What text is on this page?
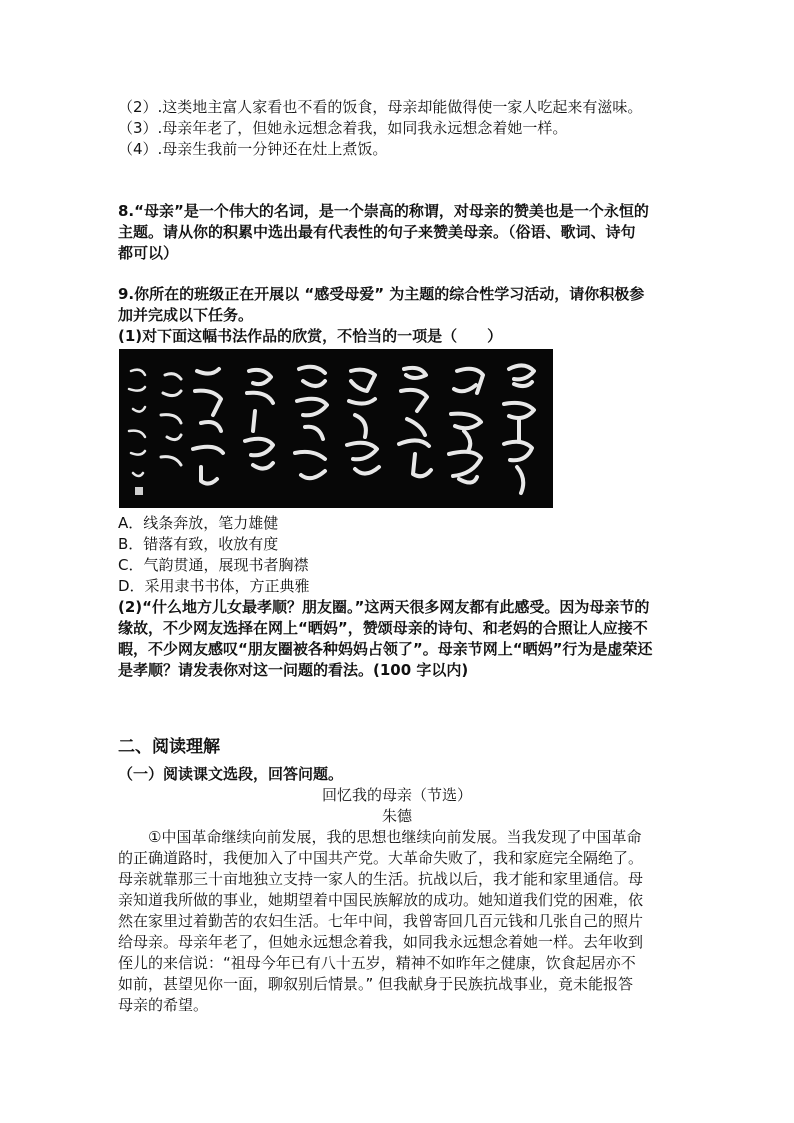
（2）.这类地主富人家看也不看的饭食，母亲却能做得使一家人吃起来有滋味。
（3）.母亲年老了，但她永远想念着我，如同我永远想念着她一样。
（4）.母亲生我前一分钟还在灶上煮饭。
8.“母亲”是一个伟大的名词，是一个崇高的称谓，对母亲的赞美也是一个永恒的
主题。请从你的积累中选出最有代表性的句子来赞美母亲。（俗语、歌词、诗句
都可以）
9.你所在的班级正在开展以 “感受母爱” 为主题的综合性学习活动，请你积极参
加并完成以下任务。
(1)对下面这幅书法作品的欣赏，不恰当的一项是（　　）
A．线条奔放，笔力雄健
B．错落有致，收放有度
C．气韵贯通，展现书者胸襟
D．采用隶书书体，方正典雅
(2)“什么地方儿女最孝顺？朋友圈。”这两天很多网友都有此感受。因为母亲节的
缘故，不少网友选择在网上“晒妈”，赞颂母亲的诗句、和老妈的合照让人应接不
暇，不少网友感叹“朋友圈被各种妈妈占领了”。母亲节网上“晒妈”行为是虚荣还
是孝顺？请发表你对这一问题的看法。(100 字以内)
二、阅读理解
（一）阅读课文选段，回答问题。
回忆我的母亲（节选）
朱德
　　①中国革命继续向前发展，我的思想也继续向前发展。当我发现了中国革命
的正确道路时，我便加入了中国共产党。大革命失败了，我和家庭完全隔绝了。
母亲就靠那三十亩地独立支持一家人的生活。抗战以后，我才能和家里通信。母
亲知道我所做的事业，她期望着中国民族解放的成功。她知道我们党的困难，依
然在家里过着勤苦的农妇生活。七年中间，我曾寄回几百元钱和几张自己的照片
给母亲。母亲年老了，但她永远想念着我，如同我永远想念着她一样。去年收到
侄儿的来信说：“祖母今年已有八十五岁，精神不如昨年之健康，饮食起居亦不
如前，甚望见你一面，聊叙别后情景。” 但我献身于民族抗战事业，竟未能报答
母亲的希望。
